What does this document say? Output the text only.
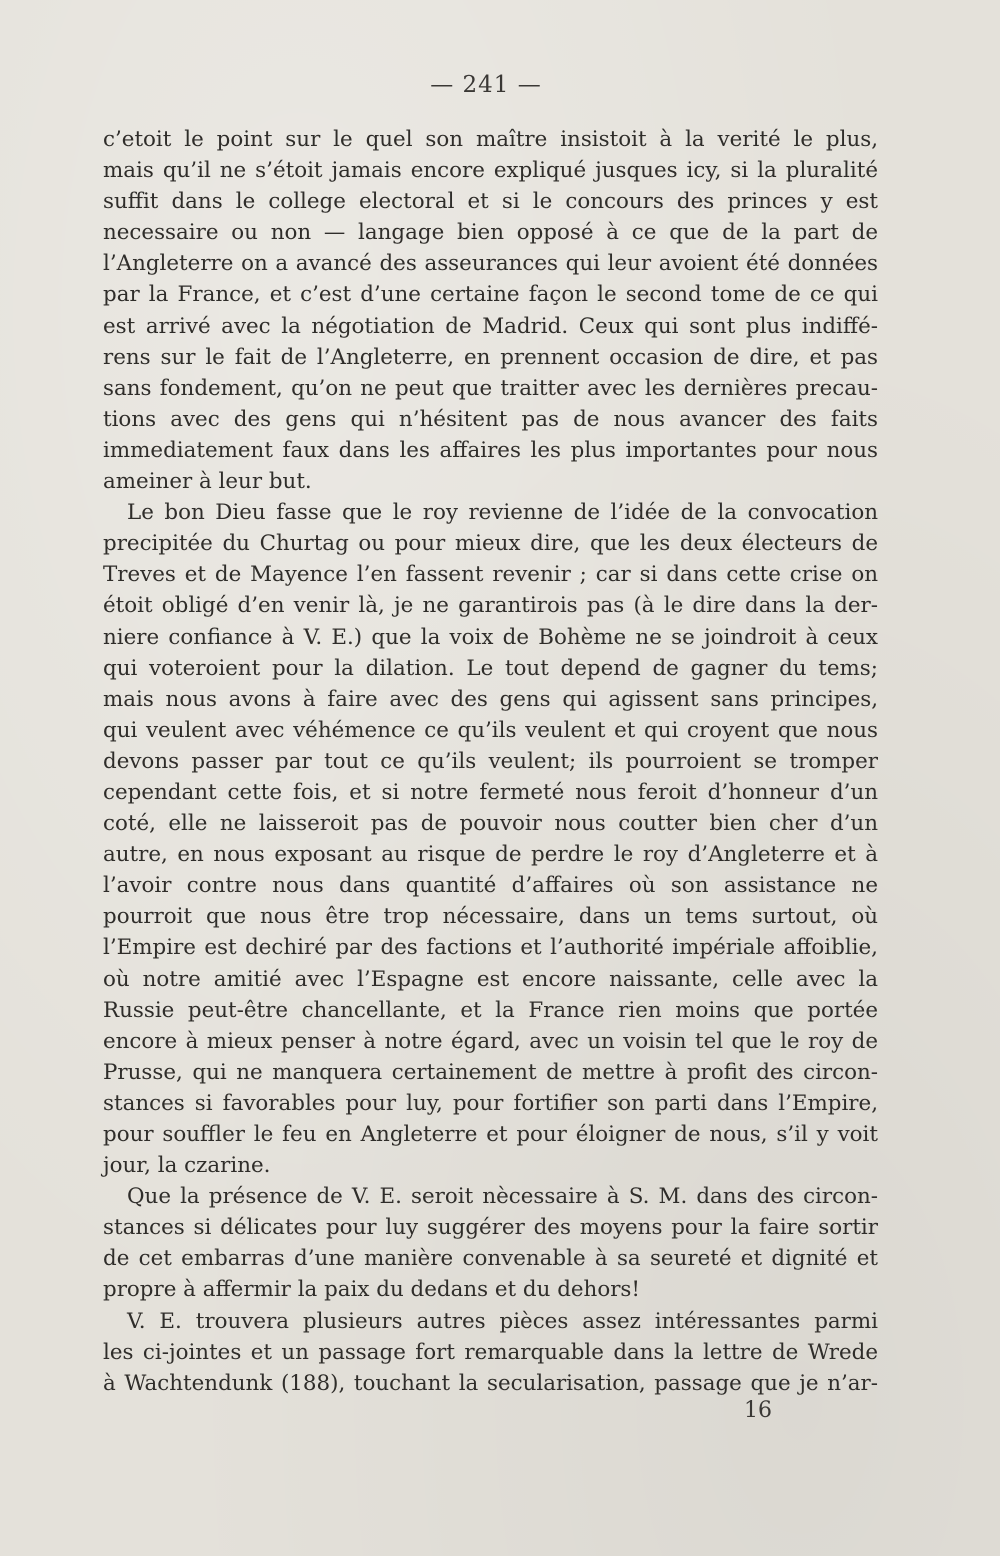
— 241 —
c’etoit le point sur le quel son maître insistoit à la verité le plus,
mais qu’il ne s’étoit jamais encore expliqué jusques icy, si la pluralité
suffit dans le college electoral et si le concours des princes y est
necessaire ou non — langage bien opposé à ce que de la part de
l’Angleterre on a avancé des asseurances qui leur avoient été données
par la France, et c’est d’une certaine façon le second tome de ce qui
est arrivé avec la négotiation de Madrid. Ceux qui sont plus indiffé-
rens sur le fait de l’Angleterre, en prennent occasion de dire, et pas
sans fondement, qu’on ne peut que traitter avec les dernières precau-
tions avec des gens qui n’hésitent pas de nous avancer des faits
immediatement faux dans les affaires les plus importantes pour nous
ameiner à leur but.
Le bon Dieu fasse que le roy revienne de l’idée de la convocation
precipitée du Churtag ou pour mieux dire, que les deux électeurs de
Treves et de Mayence l’en fassent revenir ; car si dans cette crise on
étoit obligé d’en venir là, je ne garantirois pas (à le dire dans la der-
niere confiance à V. E.) que la voix de Bohème ne se joindroit à ceux
qui voteroient pour la dilation. Le tout depend de gagner du tems;
mais nous avons à faire avec des gens qui agissent sans principes,
qui veulent avec véhémence ce qu’ils veulent et qui croyent que nous
devons passer par tout ce qu’ils veulent; ils pourroient se tromper
cependant cette fois, et si notre fermeté nous feroit d’honneur d’un
coté, elle ne laisseroit pas de pouvoir nous coutter bien cher d’un
autre, en nous exposant au risque de perdre le roy d’Angleterre et à
l’avoir contre nous dans quantité d’affaires où son assistance ne
pourroit que nous être trop nécessaire, dans un tems surtout, où
l’Empire est dechiré par des factions et l’authorité impériale affoiblie,
où notre amitié avec l’Espagne est encore naissante, celle avec la
Russie peut-être chancellante, et la France rien moins que portée
encore à mieux penser à notre égard, avec un voisin tel que le roy de
Prusse, qui ne manquera certainement de mettre à profit des circon-
stances si favorables pour luy, pour fortifier son parti dans l’Empire,
pour souffler le feu en Angleterre et pour éloigner de nous, s’il y voit
jour, la czarine.
Que la présence de V. E. seroit nècessaire à S. M. dans des circon-
stances si délicates pour luy suggérer des moyens pour la faire sortir
de cet embarras d’une manière convenable à sa seureté et dignité et
propre à affermir la paix du dedans et du dehors!
V. E. trouvera plusieurs autres pièces assez intéressantes parmi
les ci-jointes et un passage fort remarquable dans la lettre de Wrede
à Wachtendunk (188), touchant la secularisation, passage que je n’ar-
16
